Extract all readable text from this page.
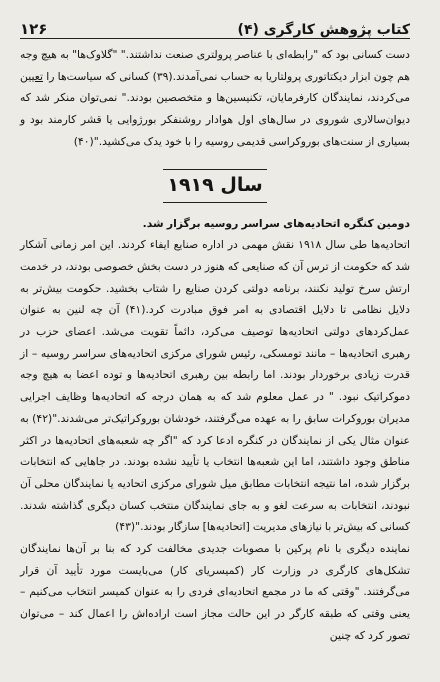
کتاب پژوهش کارگری (۴)
۱۲۶

دست کسانی بود که "رابطه‌ای با عناصر پرولتری صنعت نداشتند." "گلاوک‌ها" به هیچ وجه هم چون ابزار دیکتاتوری پرولتاریا به حساب نمی‌آمدند.(۳۹) کسانی که سیاست‌ها را تعیین می‌کردند، نمایندگان کارفرمایان، تکنیسین‌ها و متخصصین بودند." نمی‌توان منکر شد که دیوان‌سالاری شوروی در سال‌های اول هوادار روشنفکر بورژوایی یا قشر کارمند بود و بسیاری از سنت‌های بوروکراسی قدیمی روسیه را با خود یدک می‌کشید."(۴۰)

سال ۱۹۱۹

دومین کنگره اتحادیه‌های سراسر روسیه برگزار شد.

اتحادیه‌ها طی سال ۱۹۱۸ نقش مهمی در اداره صنایع ایفاء کردند. این امر زمانی آشکار شد که حکومت از ترس آن که صنایعی که هنوز در دست بخش خصوصی بودند، در خدمت ارتش سرخ تولید نکنند، برنامه دولتی کردن صنایع را شتاب بخشید. حکومت بیش‌تر به دلایل نظامی تا دلایل اقتصادی به امر فوق مبادرت کرد.(۴۱) آن چه لنین به عنوان عمل‌کردهای دولتی اتحادیه‌ها توصیف می‌کرد، دائماً تقویت می‌شد. اعضای حزب در رهبری اتحادیه‌ها – مانند تومسکی، رئیس شورای مرکزی اتحادیه‌های سراسر روسیه – از قدرت زیادی برخوردار بودند. اما رابطه بین رهبری اتحادیه‌ها و توده اعضا به هیچ وجه دموکراتیک نبود. " در عمل معلوم شد که به همان درجه که اتحادیه‌ها وظایف اجرایی مدیران بوروکرات سابق را به عهده می‌گرفتند، خودشان بوروکراتیک‌تر می‌شدند."(۴۲) به عنوان مثال یکی از نمایندگان در کنگره ادعا کرد که "اگر چه شعبه‌های اتحادیه‌ها در اکثر مناطق وجود داشتند، اما این شعبه‌ها انتخاب یا تأیید نشده بودند. در جاهایی که انتخابات برگزار شده، اما نتیجه انتخابات مطابق میل شورای مرکزی اتحادیه یا نمایندگان محلی آن نبودند، انتخابات به سرعت لغو و به جای نمایندگان منتخب کسان دیگری گذاشته شدند. کسانی که بیش‌تر با نیازهای مدیریت [اتحادیه‌ها] سازگار بودند."(۴۳)

نماینده دیگری با نام پرکین با مصوبات جدیدی مخالفت کرد که بنا بر آن‌ها نمایندگان تشکل‌های کارگری در وزارت کار (کمیسریای کار) می‌بایست مورد تأیید آن قرار می‌گرفتند. "وقتی که ما در مجمع اتحادیه‌ای فردی را به عنوان کمیسر انتخاب می‌کنیم – یعنی وقتی که طبقه کارگر در این حالت مجاز است اراده‌اش را اعمال کند – می‌توان تصور کرد که چنین
